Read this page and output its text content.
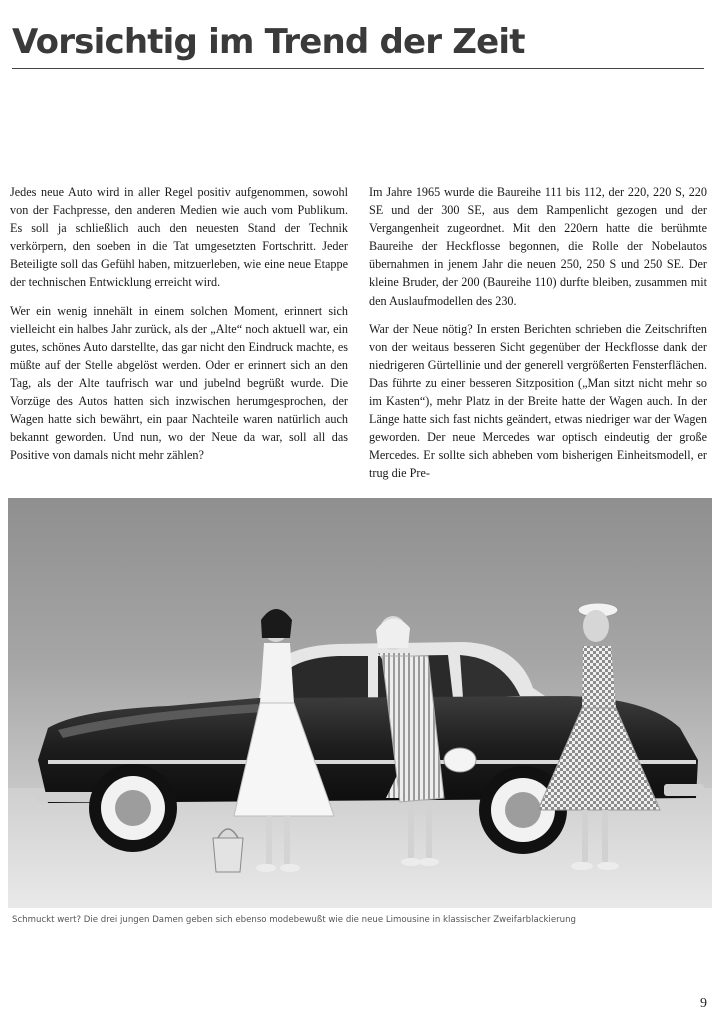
Vorsichtig im Trend der Zeit

Jedes neue Auto wird in aller Regel positiv aufgenommen, sowohl von der Fachpresse, den anderen Medien wie auch vom Publikum. Es soll ja schließlich auch den neuesten Stand der Technik verkörpern, den soeben in die Tat umgesetzten Fortschritt. Jeder Beteiligte soll das Gefühl haben, mitzuerleben, wie eine neue Etappe der technischen Entwicklung erreicht wird.

Wer ein wenig innehält in einem solchen Moment, erinnert sich vielleicht ein halbes Jahr zurück, als der „Alte“ noch aktuell war, ein gutes, schönes Auto darstellte, das gar nicht den Eindruck machte, es müßte auf der Stelle abgelöst werden. Oder er erinnert sich an den Tag, als der Alte taufrisch war und jubelnd begrüßt wurde. Die Vorzüge des Autos hatten sich inzwischen herumgesprochen, der Wagen hatte sich bewährt, ein paar Nachteile waren natürlich auch bekannt geworden. Und nun, wo der Neue da war, soll all das Positive von damals nicht mehr zählen?

Im Jahre 1965 wurde die Baureihe 111 bis 112, der 220, 220 S, 220 SE und der 300 SE, aus dem Rampenlicht gezogen und der Vergangenheit zugeordnet. Mit den 220ern hatte die berühmte Baureihe der Heckflosse begonnen, die Rolle der Nobelautos übernahmen in jenem Jahr die neuen 250, 250 S und 250 SE. Der kleine Bruder, der 200 (Baureihe 110) durfte bleiben, zusammen mit den Auslaufmodellen des 230.

War der Neue nötig? In ersten Berichten schrieben die Zeitschriften von der weitaus besseren Sicht gegenüber der Heckflosse dank der niedrigeren Gürtellinie und der generell vergrößerten Fensterflächen. Das führte zu einer besseren Sitzposition („Man sitzt nicht mehr so im Kasten“), mehr Platz in der Breite hatte der Wagen auch. In der Länge hatte sich fast nichts geändert, etwas niedriger war der Wagen geworden. Der neue Mercedes war optisch eindeutig der große Mercedes. Er sollte sich abheben vom bisherigen Einheitsmodell, er trug die Pre-

Schmuckt wert? Die drei jungen Damen geben sich ebenso modebewußt wie die neue Limousine in klassischer Zweifarblackierung
9
